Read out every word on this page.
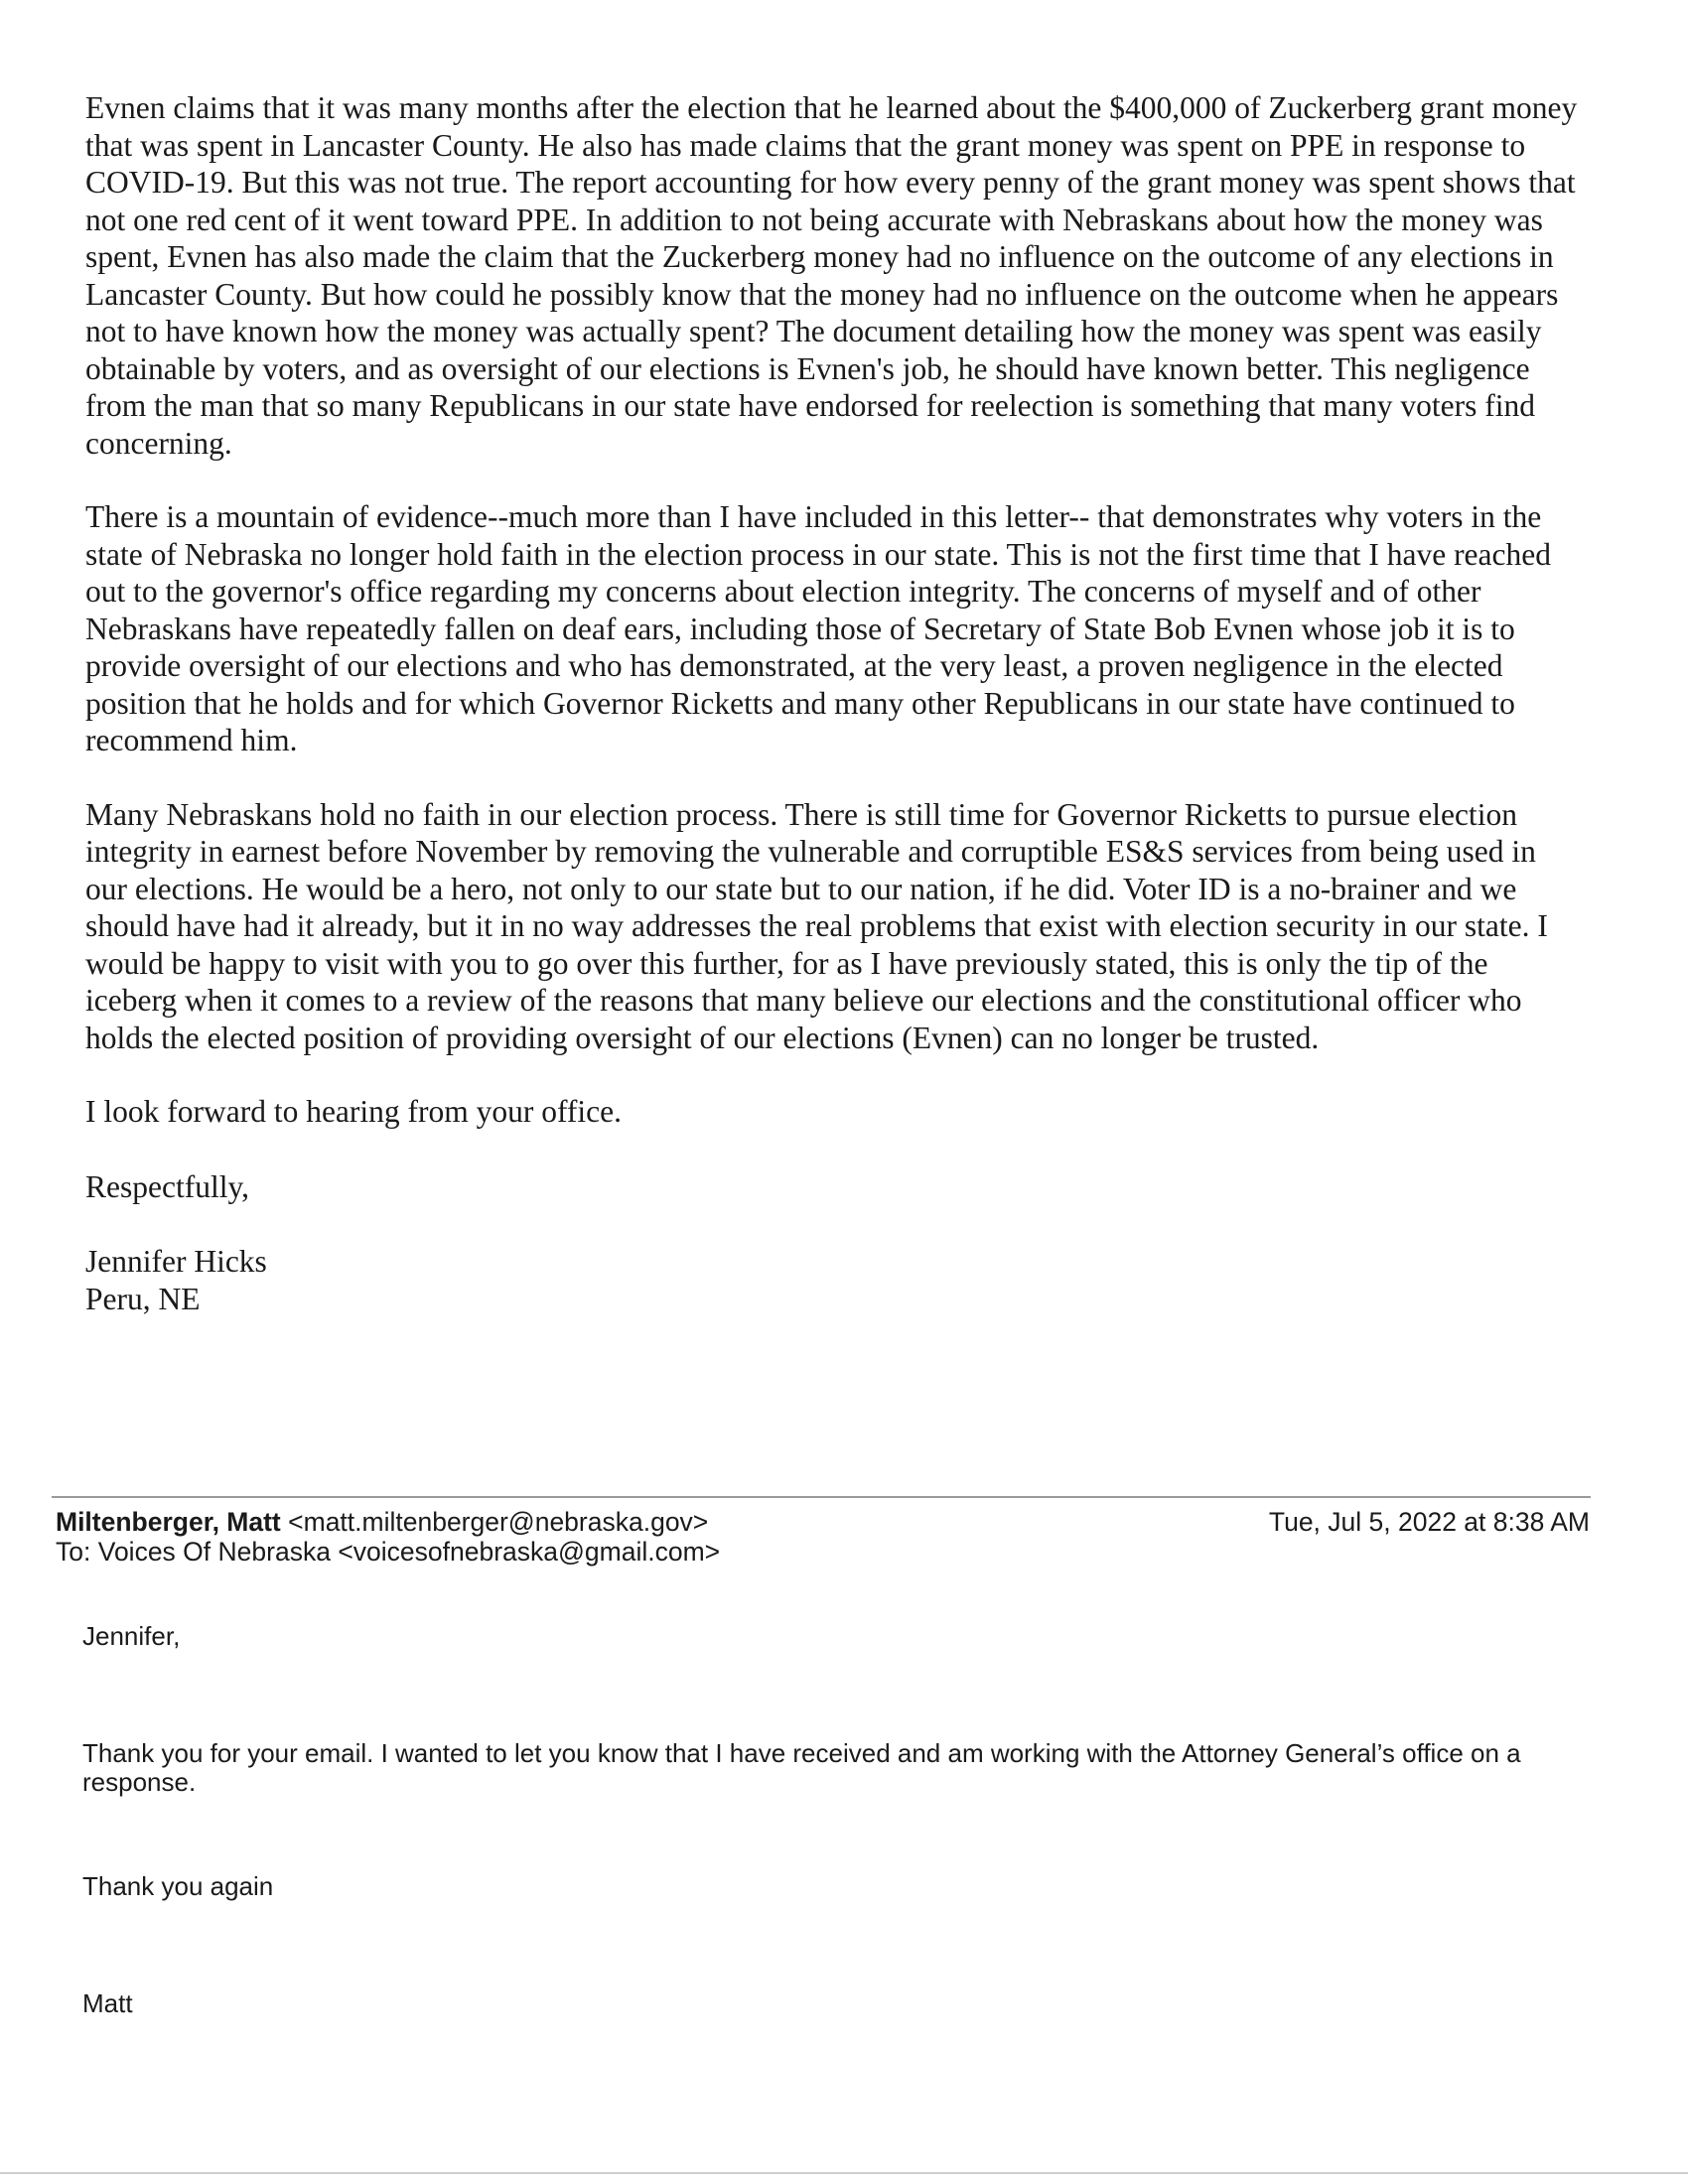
Evnen claims that it was many months after the election that he learned about the $400,000 of Zuckerberg grant money that was spent in Lancaster County. He also has made claims that the grant money was spent on PPE in response to COVID-19. But this was not true. The report accounting for how every penny of the grant money was spent shows that not one red cent of it went toward PPE. In addition to not being accurate with Nebraskans about how the money was spent, Evnen has also made the claim that the Zuckerberg money had no influence on the outcome of any elections in Lancaster County. But how could he possibly know that the money had no influence on the outcome when he appears not to have known how the money was actually spent? The document detailing how the money was spent was easily obtainable by voters, and as oversight of our elections is Evnen's job, he should have known better. This negligence from the man that so many Republicans in our state have endorsed for reelection is something that many voters find concerning.

There is a mountain of evidence--much more than I have included in this letter-- that demonstrates why voters in the state of Nebraska no longer hold faith in the election process in our state. This is not the first time that I have reached out to the governor's office regarding my concerns about election integrity. The concerns of myself and of other Nebraskans have repeatedly fallen on deaf ears, including those of Secretary of State Bob Evnen whose job it is to provide oversight of our elections and who has demonstrated, at the very least, a proven negligence in the elected position that he holds and for which Governor Ricketts and many other Republicans in our state have continued to recommend him.

Many Nebraskans hold no faith in our election process. There is still time for Governor Ricketts to pursue election integrity in earnest before November by removing the vulnerable and corruptible ES&S services from being used in our elections. He would be a hero, not only to our state but to our nation, if he did. Voter ID is a no-brainer and we should have had it already, but it in no way addresses the real problems that exist with election security in our state. I would be happy to visit with you to go over this further, for as I have previously stated, this is only the tip of the iceberg when it comes to a review of the reasons that many believe our elections and the constitutional officer who holds the elected position of providing oversight of our elections (Evnen) can no longer be trusted.

I look forward to hearing from your office.

Respectfully,

Jennifer Hicks
Peru, NE

Miltenberger, Matt <matt.miltenberger@nebraska.gov>
To: Voices Of Nebraska <voicesofnebraska@gmail.com>
Tue, Jul 5, 2022 at 8:38 AM
Jennifer,
Thank you for your email. I wanted to let you know that I have received and am working with the Attorney General’s office on a response.
Thank you again
Matt
